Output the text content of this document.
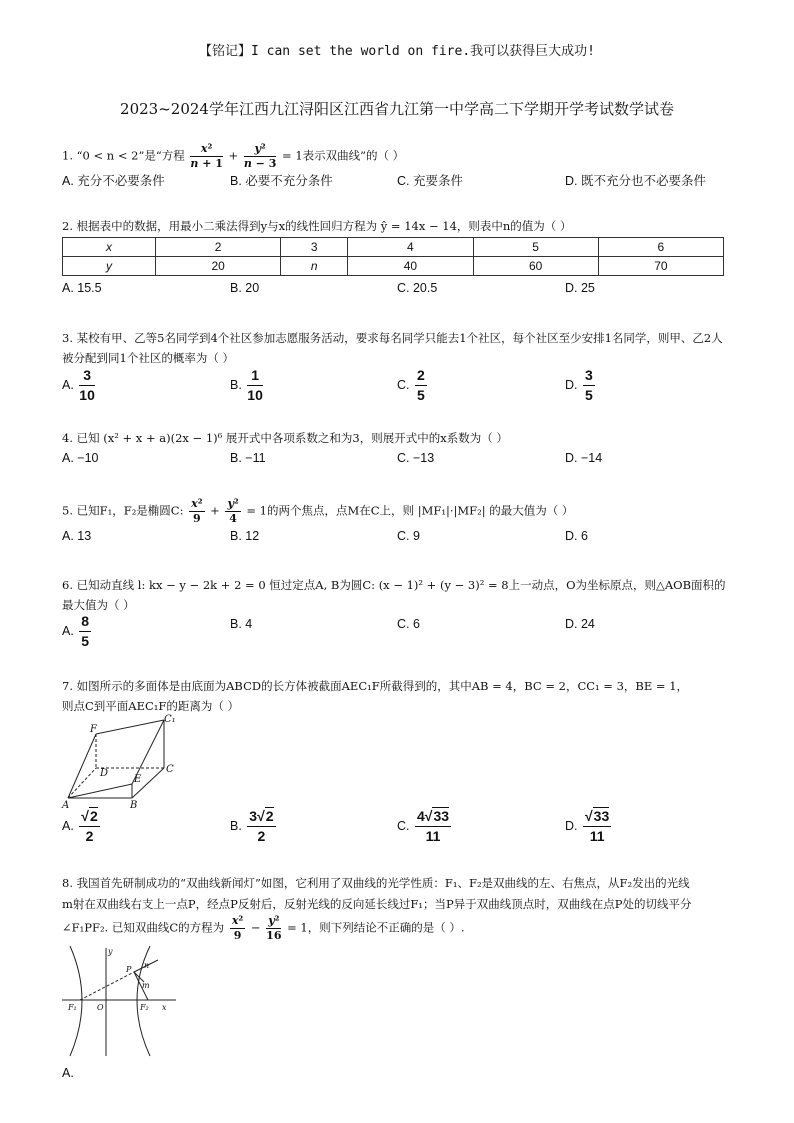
【铭记】I can set the world on fire.我可以获得巨大成功!
2023~2024学年江西九江浔阳区江西省九江第一中学高二下学期开学考试数学试卷
1. “0 < n < 2”是“方程 $\frac{\text{x²}}{n + 1} + \frac{\text{y²}}{n - 3} = 1$表示双曲线”的（ ）
A. 充分不必要条件	B. 必要不充分条件	C. 充要条件	D. 既不充分也不必要条件
2. 根据表中的数据，用最小二乘法得到y与x的线性回归方程为 ŷ = 14x − 14，则表中n的值为（ ）
x	2	3	4	5	6
y	20	n	40	60	70
A. 15.5	B. 20	C. 20.5	D. 25
3. 某校有甲、乙等5名同学到4个社区参加志愿服务活动，要求每名同学只能去1个社区，每个社区至少安排1名同学，则甲、乙2人
被分配到同1个社区的概率为（ ）
A. $\frac{3}{10}$	B. $\frac{1}{10}$	C. $\frac{2}{5}$	D. $\frac{3}{5}$
4. 已知 (x² + x + a)(2x − 1)⁶ 展开式中各项系数之和为3，则展开式中的x系数为（ ）
A. −10	B. −11	C. −13	D. −14
5. 已知F₁，F₂是椭圆C: $\frac{\text{x²}}{9} + \frac{\text{y²}}{4} = 1$的两个焦点，点M在C上，则 |MF₁|·|MF₂| 的最大值为（ ）
A. 13	B. 12	C. 9	D. 6
6. 已知动直线 l: kx − y − 2k + 2 = 0 恒过定点A, B为圆C: (x − 1)² + (y − 3)² = 8上一动点，O为坐标原点，则△AOB面积的
最大值为（ ）
A. $\frac{8}{5}$	B. 4	C. 6	D. 24
7. 如图所示的多面体是由底面为ABCD的长方体被截面AEC₁F所截得到的，其中AB = 4，BC = 2，CC₁ = 3，BE = 1，
则点C到平面AEC₁F的距离为（ ）
F
C₁
D
E
C
A	B
A. $\frac{√2}{2}$	B. $\frac{3√2}{2}$	C. $\frac{4√33}{11}$	D. $\frac{√33}{11}$
8. 我国首先研制成功的“双曲线新闻灯”如图，它利用了双曲线的光学性质：F₁、F₂是双曲线的左、右焦点，从F₂发出的光线
m射在双曲线右支上一点P，经点P反射后，反射光线的反向延长线过F₁；当P异于双曲线顶点时，双曲线在点P处的切线平分
∠F₁PF₂. 已知双曲线C的方程为 $\frac{\text{x²}}{9} - \frac{\text{y²}}{16} = 1$，则下列结论不正确的是（ ）.
y
P n
m
F₁	O	F₂ x
A.
